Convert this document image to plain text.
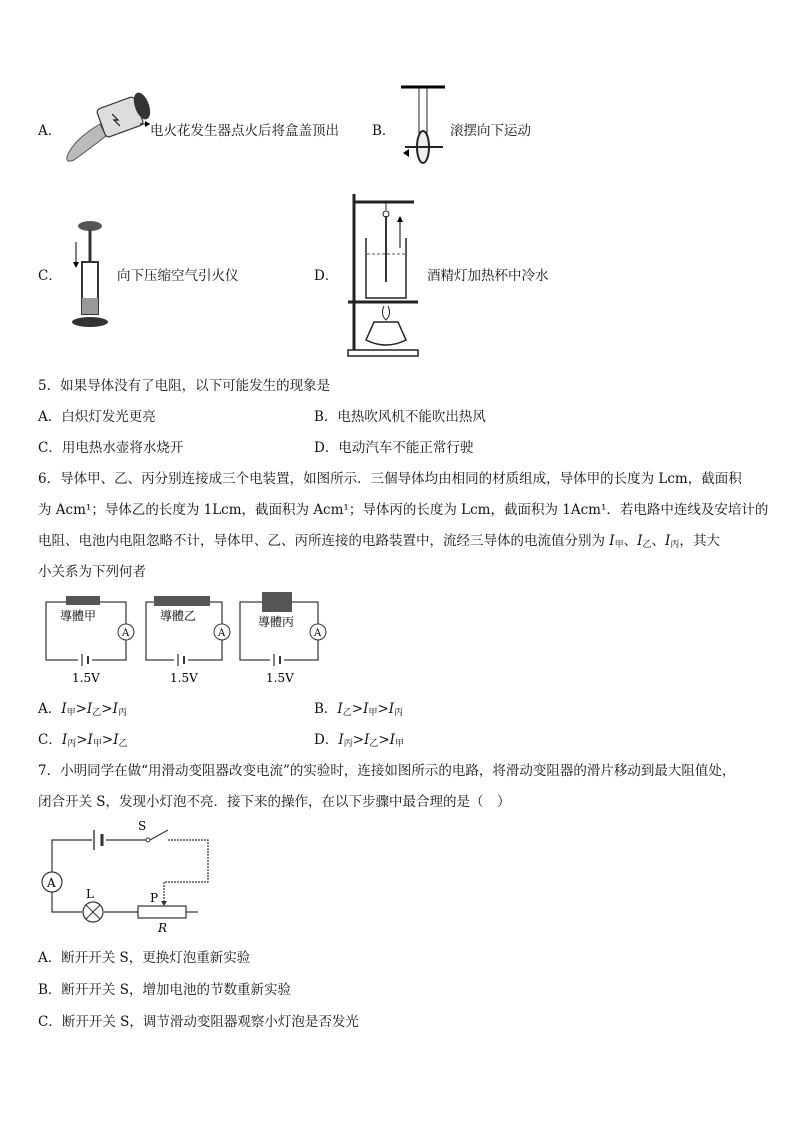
A．	电火花发生器点火后将盒盖顶出 B．	滚摆向下运动
C．	向下压缩空气引火仪	D．	酒精灯加热杯中冷水
5．如果导体没有了电阻，以下可能发生的现象是
A．白炽灯发光更亮	B．电热吹风机不能吹出热风
C．用电热水壶将水烧开	D．电动汽车不能正常行驶
6．导体甲、乙、丙分别连接成三个电装置，如图所示．三個导体均由相同的材质组成，导体甲的长度为 Lcm，截面积
为 Acm¹；导体乙的长度为 1Lcm，截面积为 Acm¹；导体丙的长度为 Lcm，截面积为 1Acm¹．若电路中连线及安培计的
电阻、电池内电阻忽略不计，导体甲、乙、丙所连接的电路装置中，流经三导体的电流值分别为 $I_甲$、$I_乙$、$I_丙$，其大
小关系为下列何者
導體甲
A
1.5V
導體乙
A
1.5V
導體丙
A
1.5V
A．$I_甲>I_乙>I_丙$	B．$I_乙>I_甲>I_丙$
C．$I_丙>I_甲>I_乙$	D．$I_丙>I_乙>I_甲$
7．小明同学在做“用滑动变阻器改变电流”的实验时，连接如图所示的电路，将滑动变阻器的滑片移动到最大阻值处，
闭合开关 S，发现小灯泡不亮．接下来的操作，在以下步骤中最合理的是（　）
S
A
L	P
R
A．断开开关 S，更换灯泡重新实验
B．断开开关 S，增加电池的节数重新实验
C．断开开关 S，调节滑动变阻器观察小灯泡是否发光
